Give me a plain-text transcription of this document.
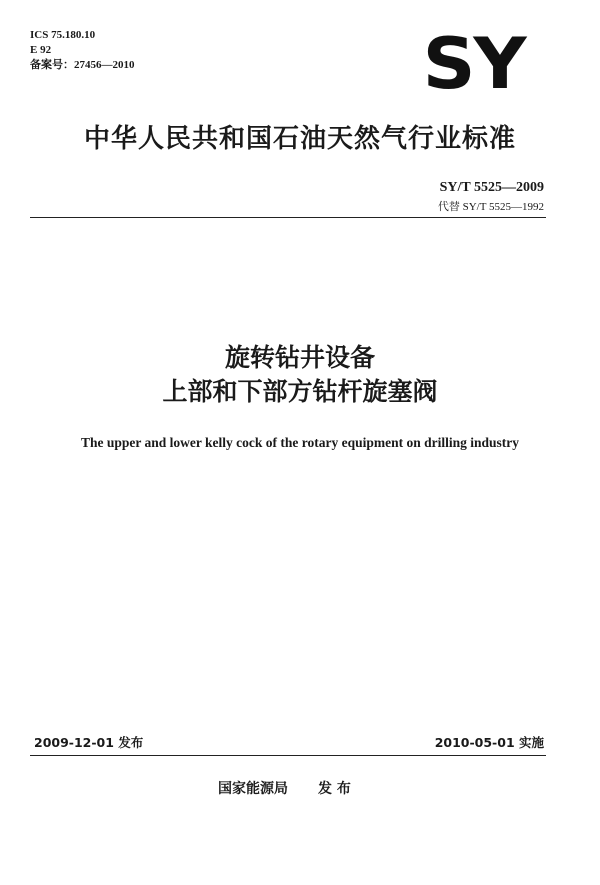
ICS 75.180.10
E 92
备案号：27456—2010	SY
中华人民共和国石油天然气行业标准
SY/T 5525—2009
代替 SY/T 5525—1992
旋转钻井设备
上部和下部方钻杆旋塞阀
The upper and lower kelly cock of the rotary equipment on drilling industry
2009-12-01 发布	2010-05-01 实施
国家能源局 发 布
